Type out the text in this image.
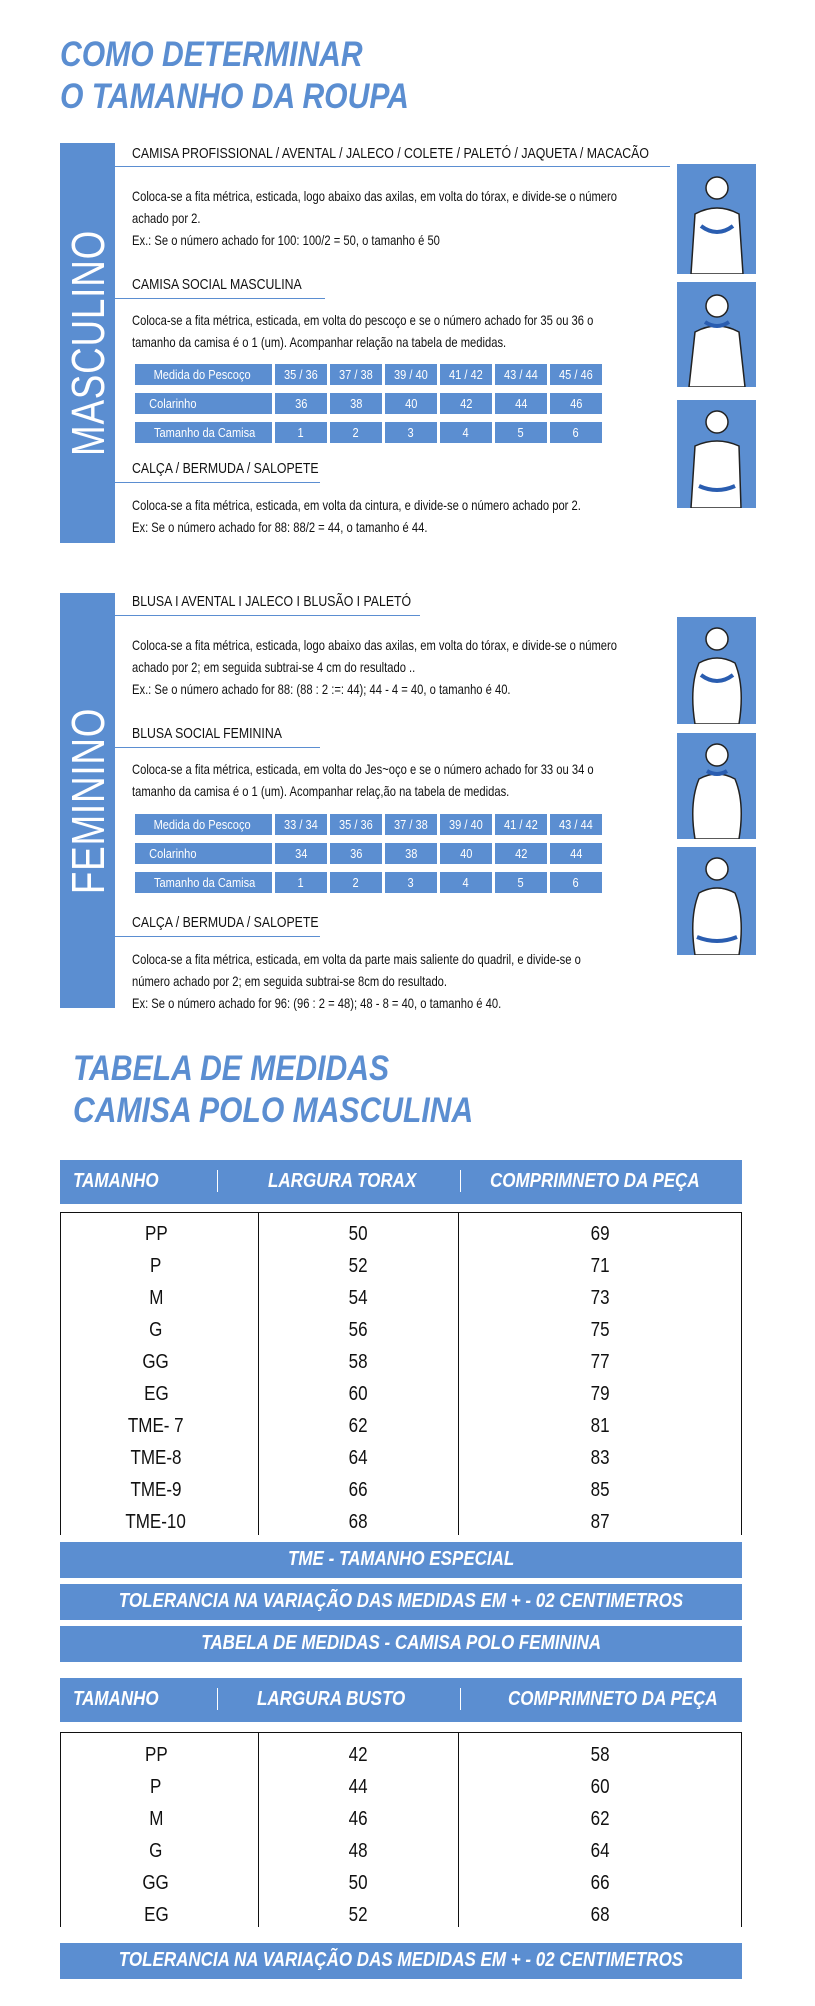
COMO DETERMINAR
O TAMANHO DA ROUPA
MASCULINO
CAMISA PROFISSIONAL / AVENTAL / JALECO / COLETE / PALETÓ / JAQUETA / MACACÃO
Coloca-se a fita métrica, esticada, logo abaixo das axilas, em volta do tórax, e divide-se o número
achado por 2.
Ex.: Se o número achado for 100: 100/2 = 50, o tamanho é 50
CAMISA SOCIAL MASCULINA
Coloca-se a fita métrica, esticada, em volta do pescoço e se o número achado for 35 ou 36 o
tamanho da camisa é o 1 (um). Acompanhar relação na tabela de medidas.
Medida do Pescoço	35 / 36	37 / 38	39 / 40	41 / 42	43 / 44	45 / 46
Colarinho	36	38	40	42	44	46
Tamanho da Camisa	1	2	3	4	5	6
CALÇA / BERMUDA / SALOPETE
Coloca-se a fita métrica, esticada, em volta da cintura, e divide-se o número achado por 2.
Ex: Se o número achado for 88: 88/2 = 44, o tamanho é 44.
FEMININO
BLUSA I AVENTAL I JALECO I BLUSÃO I PALETÓ
Coloca-se a fita métrica, esticada, logo abaixo das axilas, em volta do tórax, e divide-se o número
achado por 2; em seguida subtrai-se 4 cm do resultado ..
Ex.: Se o número achado for 88: (88 : 2 :=: 44); 44 - 4 = 40, o tamanho é 40.
BLUSA SOCIAL FEMININA
Coloca-se a fita métrica, esticada, em volta do Jes~oço e se o número achado for 33 ou 34 o
tamanho da camisa é o 1 (um). Acompanhar relaç,ão na tabela de medidas.
Medida do Pescoço	33 / 34	35 / 36	37 / 38	39 / 40	41 / 42	43 / 44
Colarinho	34	36	38	40	42	44
Tamanho da Camisa	1	2	3	4	5	6
CALÇA / BERMUDA / SALOPETE
Coloca-se a fita métrica, esticada, em volta da parte mais saliente do quadril, e divide-se o
número achado por 2; em seguida subtrai-se 8cm do resultado.
Ex: Se o número achado for 96: (96 : 2 = 48); 48 - 8 = 40, o tamanho é 40.
TABELA DE MEDIDAS
CAMISA POLO MASCULINA
TAMANHO	LARGURA TORAX	COMPRIMNETO DA PEÇA
PP	50	69
P	52	71
M	54	73
G	56	75
GG	58	77
EG	60	79
TME- 7	62	81
TME-8	64	83
TME-9	66	85
TME-10	68	87
TME - TAMANHO ESPECIAL
TOLERANCIA NA VARIAÇÃO DAS MEDIDAS EM + - 02 CENTIMETROS
TABELA DE MEDIDAS - CAMISA POLO FEMININA
TAMANHO	LARGURA BUSTO	COMPRIMNETO DA PEÇA
PP	42	58
P	44	60
M	46	62
G	48	64
GG	50	66
EG	52	68
TOLERANCIA NA VARIAÇÃO DAS MEDIDAS EM + - 02 CENTIMETROS
